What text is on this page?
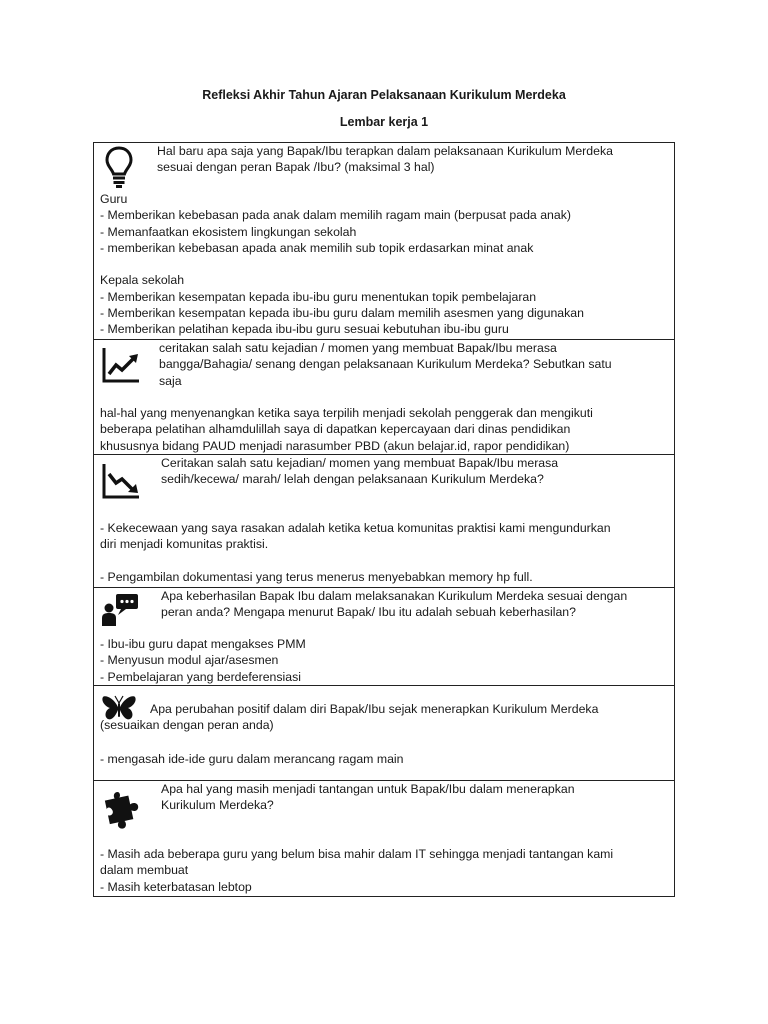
Refleksi Akhir Tahun Ajaran Pelaksanaan Kurikulum Merdeka
Lembar kerja 1
Hal baru apa saja yang Bapak/Ibu terapkan dalam pelaksanaan Kurikulum Merdeka
sesuai dengan peran Bapak /Ibu? (maksimal 3 hal)
Guru
- Memberikan kebebasan pada anak dalam memilih ragam main (berpusat pada anak)
- Memanfaatkan ekosistem lingkungan sekolah
- memberikan kebebasan apada anak memilih sub topik erdasarkan minat anak

Kepala sekolah
- Memberikan kesempatan kepada ibu-ibu guru menentukan topik pembelajaran
- Memberikan kesempatan kepada ibu-ibu guru dalam memilih asesmen yang digunakan
- Memberikan pelatihan kepada ibu-ibu guru sesuai kebutuhan ibu-ibu guru
ceritakan salah satu kejadian / momen yang membuat Bapak/Ibu merasa
bangga/Bahagia/ senang dengan pelaksanaan Kurikulum Merdeka? Sebutkan satu
saja
hal-hal yang menyenangkan ketika saya terpilih menjadi sekolah penggerak dan mengikuti
beberapa pelatihan alhamdulillah saya di dapatkan kepercayaan dari dinas pendidikan
khususnya bidang PAUD menjadi narasumber PBD (akun belajar.id, rapor pendidikan)
Ceritakan salah satu kejadian/ momen yang membuat Bapak/Ibu merasa
sedih/kecewa/ marah/ lelah dengan pelaksanaan Kurikulum Merdeka?
- Kekecewaan yang saya rasakan adalah ketika ketua komunitas praktisi kami mengundurkan
diri menjadi komunitas praktisi.

- Pengambilan dokumentasi yang terus menerus menyebabkan memory hp full.
Apa keberhasilan Bapak Ibu dalam melaksanakan Kurikulum Merdeka sesuai dengan
peran anda? Mengapa menurut Bapak/ Ibu itu adalah sebuah keberhasilan?
- Ibu-ibu guru dapat mengakses PMM
- Menyusun modul ajar/asesmen
- Pembelajaran yang berdeferensiasi
Apa perubahan positif dalam diri Bapak/Ibu sejak menerapkan Kurikulum Merdeka
(sesuaikan dengan peran anda)
- mengasah ide-ide guru dalam merancang ragam main
Apa hal yang masih menjadi tantangan untuk Bapak/Ibu dalam menerapkan
Kurikulum Merdeka?
- Masih ada beberapa guru yang belum bisa mahir dalam IT sehingga menjadi tantangan kami
dalam membuat
- Masih keterbatasan lebtop
